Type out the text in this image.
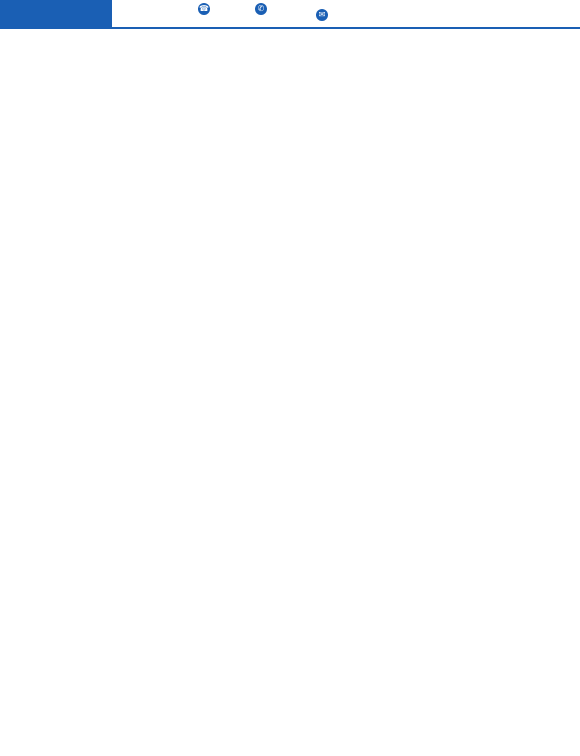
☎	✆

✉
